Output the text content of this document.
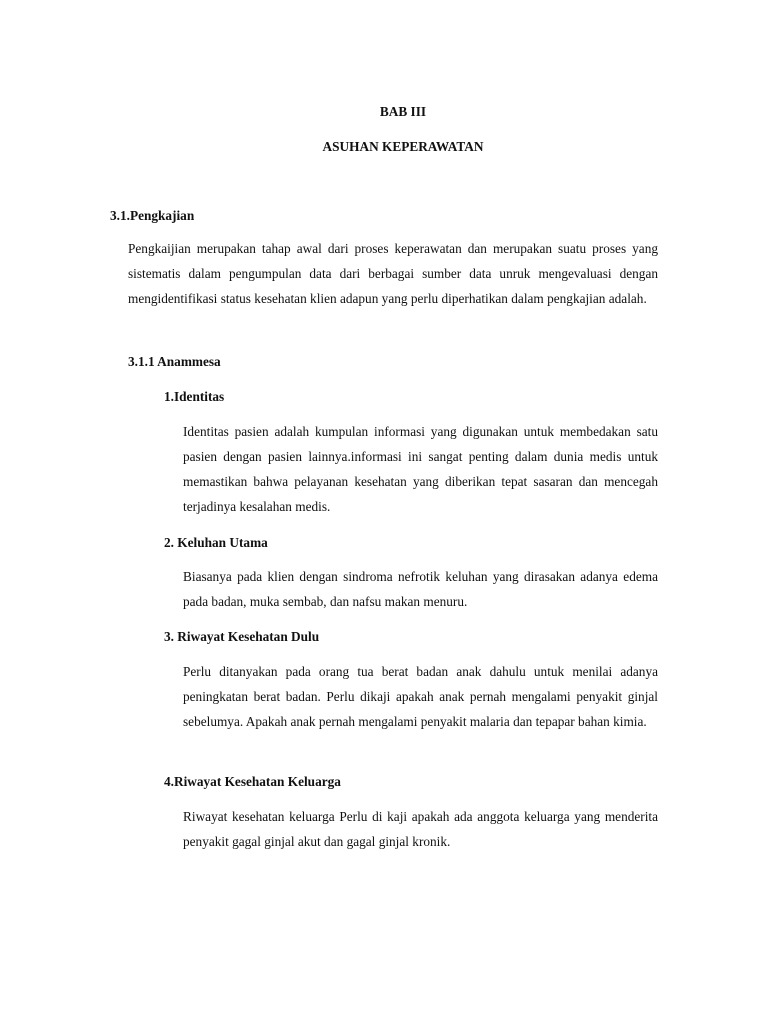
BAB III
ASUHAN KEPERAWATAN
3.1.Pengkajian

Pengkaijian merupakan tahap awal dari proses keperawatan dan merupakan suatu proses yang sistematis dalam pengumpulan data dari berbagai sumber data unruk mengevaluasi dengan mengidentifikasi status kesehatan klien adapun yang perlu diperhatikan dalam pengkajian adalah.

3.1.1 Anammesa
1.Identitas

Identitas pasien adalah kumpulan informasi yang digunakan untuk membedakan satu pasien dengan pasien lainnya.informasi ini sangat penting dalam dunia medis untuk memastikan bahwa pelayanan kesehatan yang diberikan tepat sasaran dan mencegah terjadinya kesalahan medis.

2. Keluhan Utama

Biasanya pada klien dengan sindroma nefrotik keluhan yang dirasakan adanya edema pada badan, muka sembab, dan nafsu makan menuru.

3. Riwayat Kesehatan Dulu

Perlu ditanyakan pada orang tua berat badan anak dahulu untuk menilai adanya peningkatan berat badan. Perlu dikaji apakah anak pernah mengalami penyakit ginjal sebelumya. Apakah anak pernah mengalami penyakit malaria dan tepapar bahan kimia.

4.Riwayat Kesehatan Keluarga

Riwayat kesehatan keluarga Perlu di kaji apakah ada anggota keluarga yang menderita penyakit gagal ginjal akut dan gagal ginjal kronik.
